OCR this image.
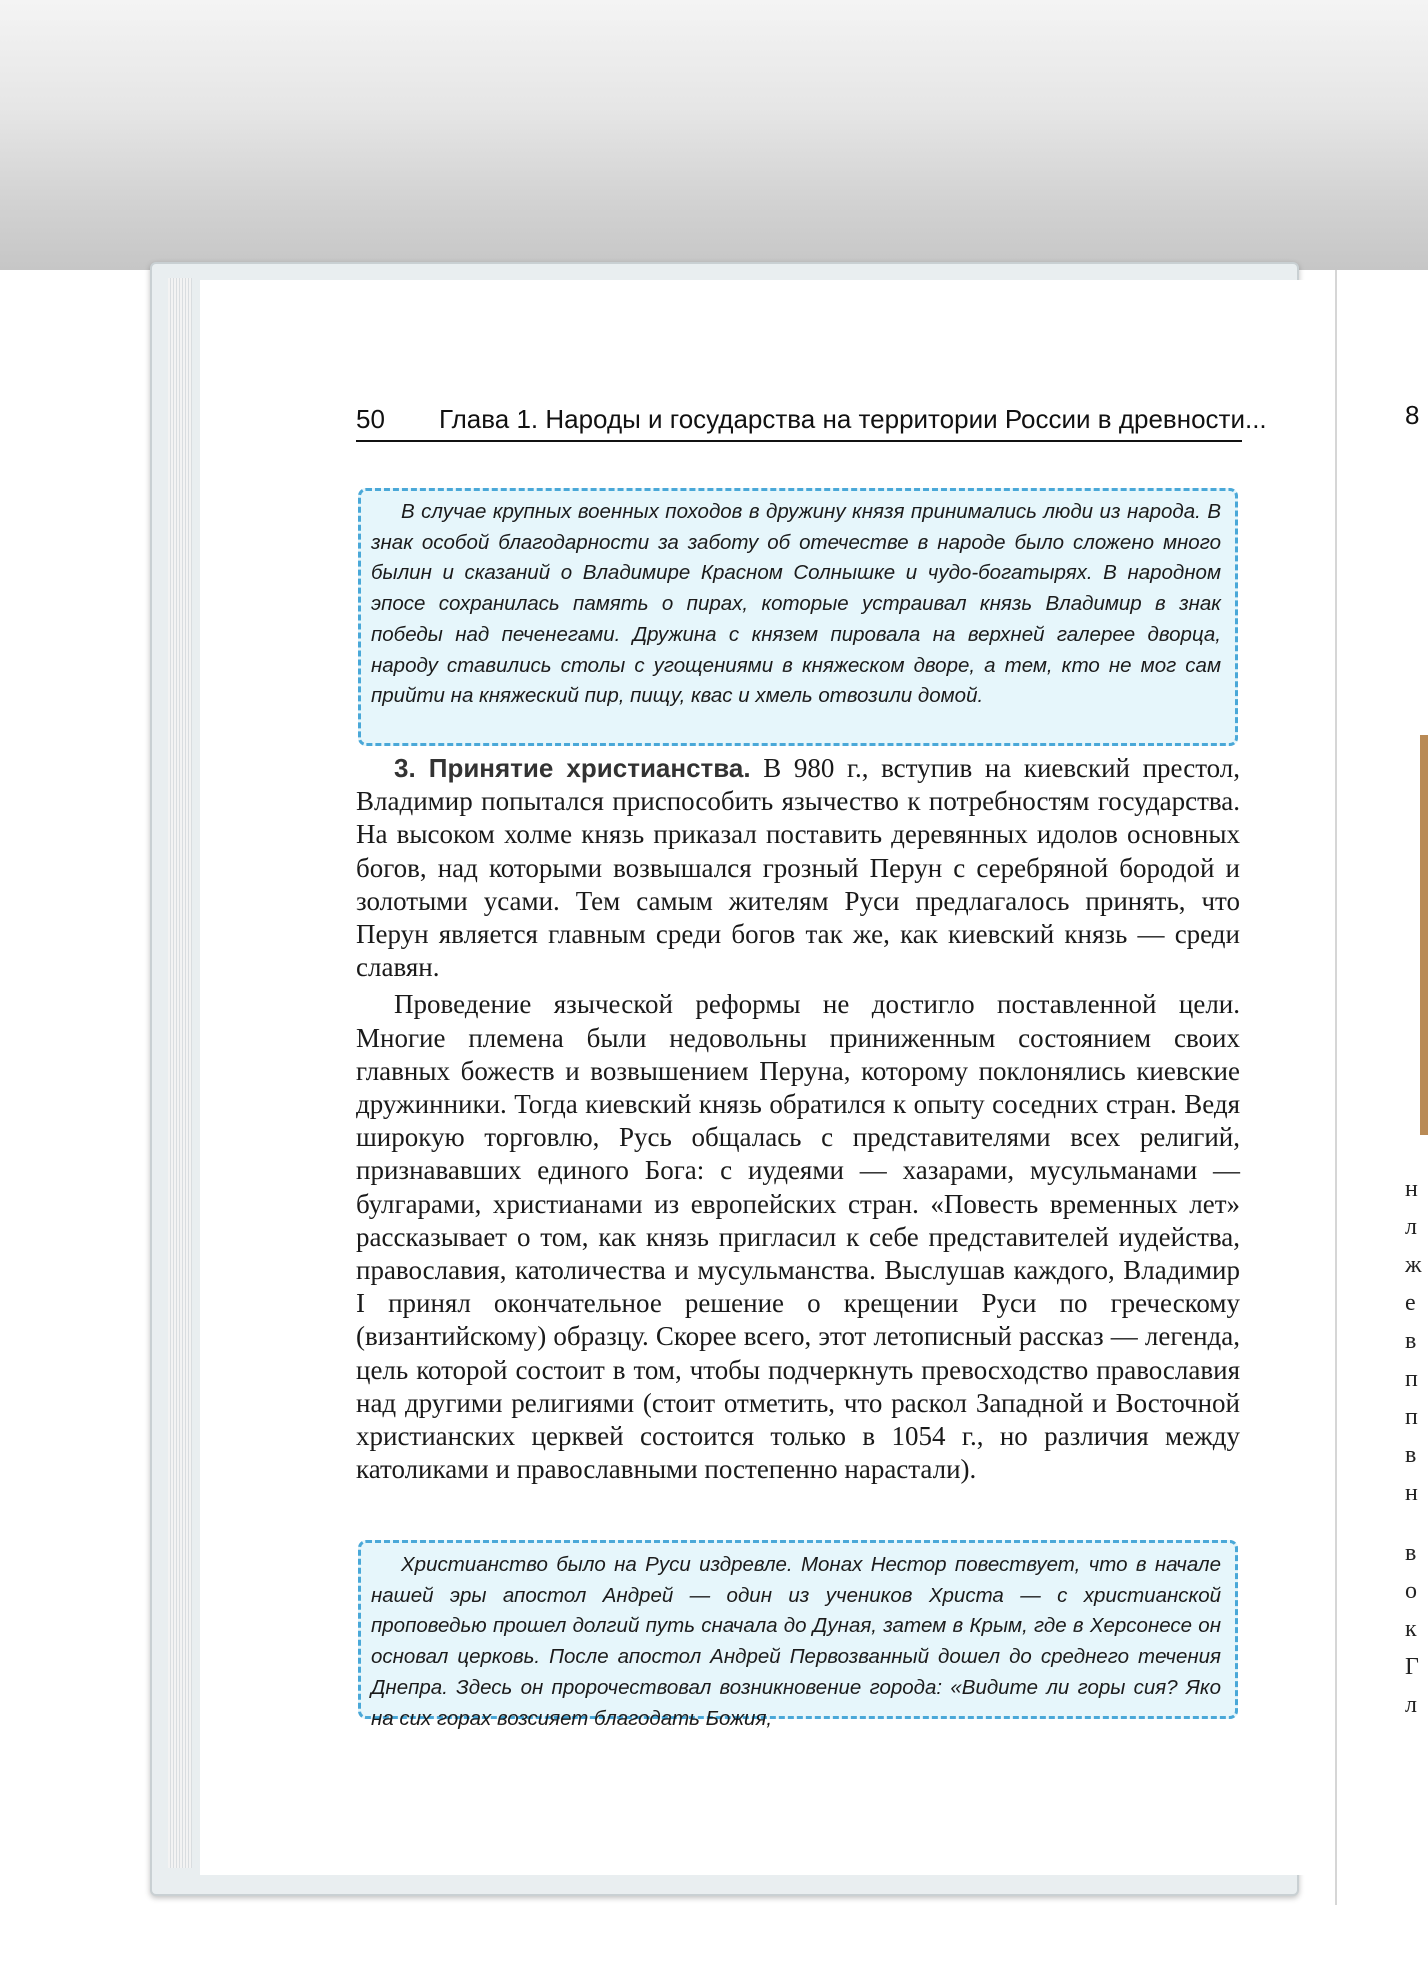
8
н
л
ж
е
в
п
п
в
н
в
о
к
Г
л
50 Глава 1. Народы и государства на территории России в древности...

В случае крупных военных походов в дружину князя принимались люди из народа. В знак особой благодарности за заботу об отечестве в народе было сложено много былин и сказаний о Владимире Красном Солнышке и чудо-богатырях. В народном эпосе сохранилась память о пирах, которые устраивал князь Владимир в знак победы над печенегами. Дружина с князем пировала на верхней галерее дворца, народу ставились столы с угощениями в княжеском дворе, а тем, кто не мог сам прийти на княжеский пир, пищу, квас и хмель отвозили домой.

3. Принятие христианства. В 980 г., вступив на киевский престол, Владимир попытался приспособить язычество к потребностям государства. На высоком холме князь приказал поставить деревянных идолов основных богов, над которыми возвышался грозный Перун с серебряной бородой и золотыми усами. Тем самым жителям Руси предлагалось принять, что Перун является главным среди богов так же, как киевский князь — среди славян.

Проведение языческой реформы не достигло поставленной цели. Многие племена были недовольны приниженным состоянием своих главных божеств и возвышением Перуна, которому поклонялись киевские дружинники. Тогда киевский князь обратился к опыту соседних стран. Ведя широкую торговлю, Русь общалась с представителями всех религий, признававших единого Бога: с иудеями — хазарами, мусульманами — булгарами, христианами из европейских стран. «Повесть временных лет» рассказывает о том, как князь пригласил к себе представителей иудейства, православия, католичества и мусульманства. Выслушав каждого, Владимир I принял окончательное решение о крещении Руси по греческому (византийскому) образцу. Скорее всего, этот летописный рассказ — легенда, цель которой состоит в том, чтобы подчеркнуть превосходство православия над другими религиями (стоит отметить, что раскол Западной и Восточной христианских церквей состоится только в 1054 г., но различия между католиками и православными постепенно нарастали).

Христианство было на Руси издревле. Монах Нестор повествует, что в начале нашей эры апостол Андрей — один из учеников Христа — с христианской проповедью прошел долгий путь сначала до Дуная, затем в Крым, где в Херсонесе он основал церковь. После апостол Андрей Первозванный дошел до среднего течения Днепра. Здесь он пророчествовал возникновение города: «Видите ли горы сия? Яко на сих горах возсияет благодать Божия,
